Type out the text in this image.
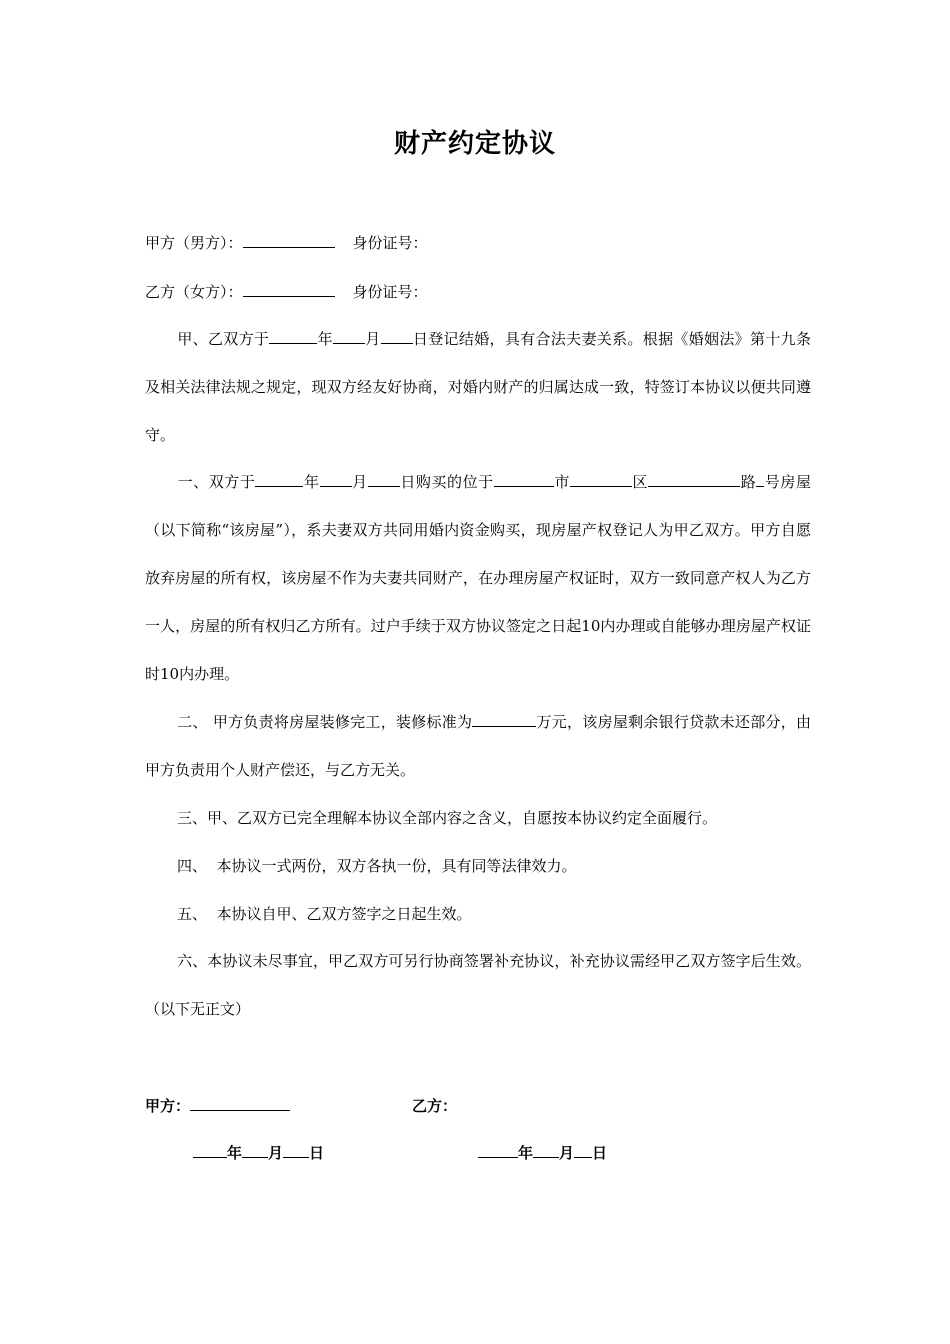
财产约定协议
甲方（男方）：	身份证号：
乙方（女方）：	身份证号：
甲、乙双方于	年 月 日登记结婚，具有合法夫妻关系。根据《婚姻法》第十九条及相关法律法规之规定，现双方经友好协商，对婚内财产的归属达成一致，特签订本协议以便共同遵守。
一、双方于	年 月 日购买的位于	市	区	路 号房屋（以下简称“该房屋”），系夫妻双方共同用婚内资金购买，现房屋产权登记人为甲乙双方。甲方自愿放弃房屋的所有权，该房屋不作为夫妻共同财产，在办理房屋产权证时，双方一致同意产权人为乙方一人，房屋的所有权归乙方所有。过户手续于双方协议签定之日起10内办理或自能够办理房屋产权证时10内办理。
二、 甲方负责将房屋装修完工，装修标准为	万元，该房屋剩余银行贷款未还部分，由甲方负责用个人财产偿还，与乙方无关。
三、甲、乙双方已完全理解本协议全部内容之含义，自愿按本协议约定全面履行。
四、  本协议一式两份，双方各执一份，具有同等法律效力。
五、  本协议自甲、乙双方签字之日起生效。
六、本协议未尽事宜，甲乙双方可另行协商签署补充协议，补充协议需经甲乙双方签字后生效。（以下无正文）
甲方：	乙方：
年 月 日	年 月 日
